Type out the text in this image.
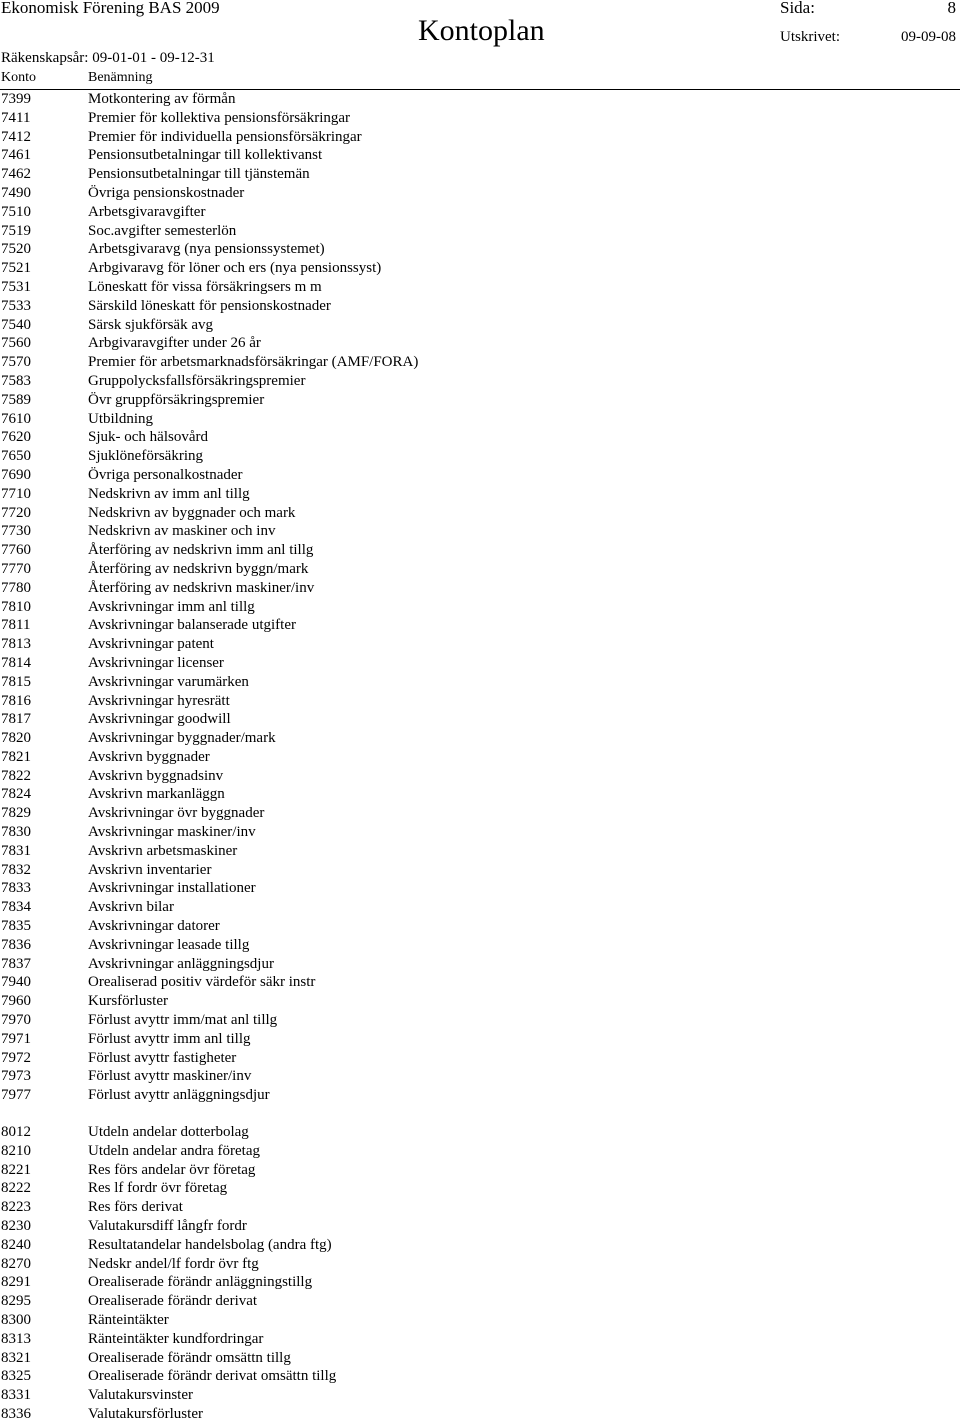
Ekonomisk Förening BAS 2009
Kontoplan
Sida:	8
Utskrivet:	09-09-08
Räkenskapsår: 09-01-01 - 09-12-31
Konto	Benämning
7399	Motkontering av förmån
7411	Premier för kollektiva pensionsförsäkringar
7412	Premier för individuella pensionsförsäkringar
7461	Pensionsutbetalningar till kollektivanst
7462	Pensionsutbetalningar till tjänstemän
7490	Övriga pensionskostnader
7510	Arbetsgivaravgifter
7519	Soc.avgifter semesterlön
7520	Arbetsgivaravg (nya pensionssystemet)
7521	Arbgivaravg för löner och ers (nya pensionssyst)
7531	Löneskatt för vissa försäkringsers m m
7533	Särskild löneskatt för pensionskostnader
7540	Särsk sjukförsäk avg
7560	Arbgivaravgifter under 26 år
7570	Premier för arbetsmarknadsförsäkringar (AMF/FORA)
7583	Gruppolycksfallsförsäkringspremier
7589	Övr gruppförsäkringspremier
7610	Utbildning
7620	Sjuk- och hälsovård
7650	Sjuklöneförsäkring
7690	Övriga personalkostnader
7710	Nedskrivn av imm anl tillg
7720	Nedskrivn av byggnader och mark
7730	Nedskrivn av maskiner och inv
7760	Återföring av nedskrivn imm anl tillg
7770	Återföring av nedskrivn byggn/mark
7780	Återföring av nedskrivn maskiner/inv
7810	Avskrivningar imm anl tillg
7811	Avskrivningar balanserade utgifter
7813	Avskrivningar patent
7814	Avskrivningar licenser
7815	Avskrivningar varumärken
7816	Avskrivningar hyresrätt
7817	Avskrivningar goodwill
7820	Avskrivningar byggnader/mark
7821	Avskrivn byggnader
7822	Avskrivn byggnadsinv
7824	Avskrivn markanläggn
7829	Avskrivningar övr byggnader
7830	Avskrivningar maskiner/inv
7831	Avskrivn arbetsmaskiner
7832	Avskrivn inventarier
7833	Avskrivningar installationer
7834	Avskrivn bilar
7835	Avskrivningar datorer
7836	Avskrivningar leasade tillg
7837	Avskrivningar anläggningsdjur
7940	Orealiserad positiv värdeför säkr instr
7960	Kursförluster
7970	Förlust avyttr imm/mat anl tillg
7971	Förlust avyttr imm anl tillg
7972	Förlust avyttr fastigheter
7973	Förlust avyttr maskiner/inv
7977	Förlust avyttr anläggningsdjur
8012	Utdeln andelar dotterbolag
8210	Utdeln andelar andra företag
8221	Res förs andelar övr företag
8222	Res lf fordr övr företag
8223	Res förs derivat
8230	Valutakursdiff långfr fordr
8240	Resultatandelar handelsbolag (andra ftg)
8270	Nedskr andel/lf fordr övr ftg
8291	Orealiserade förändr anläggningstillg
8295	Orealiserade förändr derivat
8300	Ränteintäkter
8313	Ränteintäkter kundfordringar
8321	Orealiserade förändr omsättn tillg
8325	Orealiserade förändr derivat omsättn tillg
8331	Valutakursvinster
8336	Valutakursförluster
